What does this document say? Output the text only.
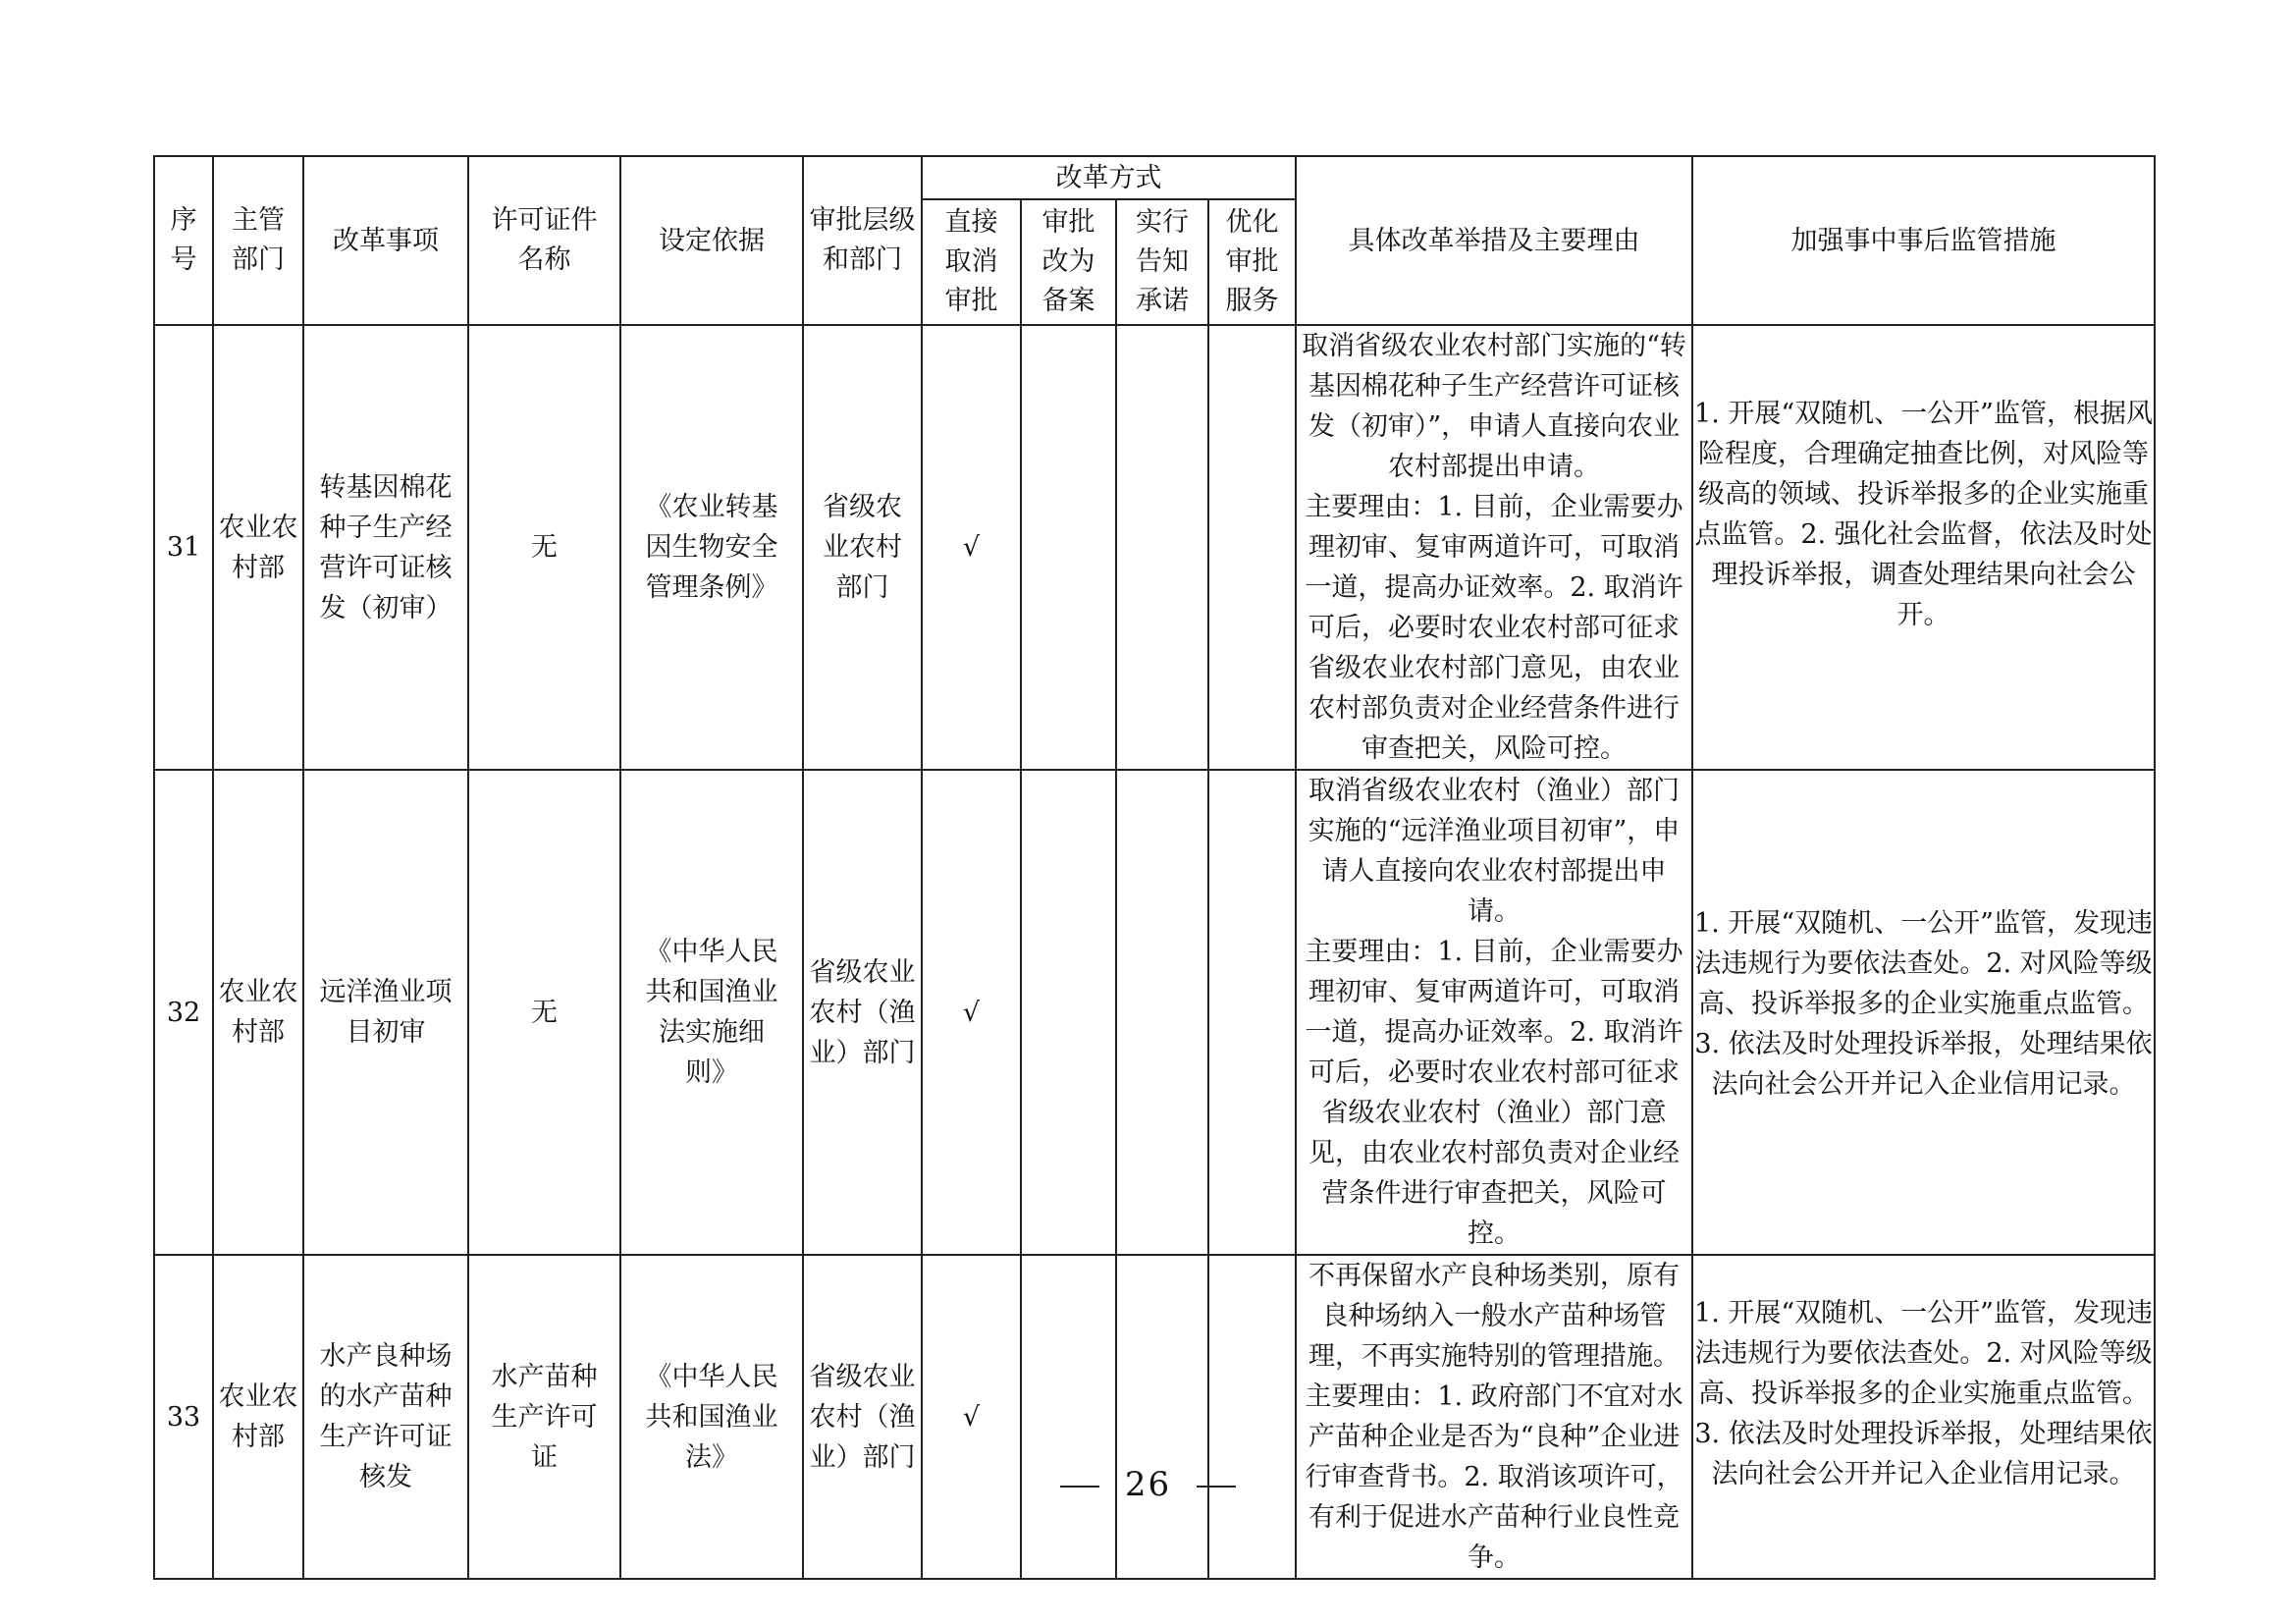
序号	主管部门	改革事项	许可证件名称	设定依据	审批层级和部门	改革方式				具体改革举措及主要理由	加强事中事后监管措施

						直接取消审批	审批改为备案	实行告知承诺	优化审批服务		

31	农业农村部	转基因棉花种子生产经营许可证核发（初审）	无	《农业转基因生物安全管理条例》	省级农业农村部门	√				取消省级农业农村部门实施的“转基因棉花种子生产经营许可证核发（初审）”，申请人直接向农业农村部提出申请。
主要理由：1. 目前，企业需要办理初审、复审两道许可，可取消一道，提高办证效率。2. 取消许可后，必要时农业农村部可征求省级农业农村部门意见，由农业农村部负责对企业经营条件进行审查把关，风险可控。	1. 开展“双随机、一公开”监管，根据风险程度，合理确定抽查比例，对风险等级高的领域、投诉举报多的企业实施重点监管。2. 强化社会监督，依法及时处理投诉举报，调查处理结果向社会公开。

32	农业农村部	远洋渔业项目初审	无	《中华人民共和国渔业法实施细则》	省级农业农村（渔业）部门	√				取消省级农业农村（渔业）部门实施的“远洋渔业项目初审”，申请人直接向农业农村部提出申请。
主要理由：1. 目前，企业需要办理初审、复审两道许可，可取消一道，提高办证效率。2. 取消许可后，必要时农业农村部可征求省级农业农村（渔业）部门意见，由农业农村部负责对企业经营条件进行审查把关，风险可控。	1. 开展“双随机、一公开”监管，发现违法违规行为要依法查处。2. 对风险等级高、投诉举报多的企业实施重点监管。3. 依法及时处理投诉举报，处理结果依法向社会公开并记入企业信用记录。

33	农业农村部	水产良种场的水产苗种生产许可证核发	水产苗种生产许可证	《中华人民共和国渔业法》	省级农业农村（渔业）部门	√				不再保留水产良种场类别，原有良种场纳入一般水产苗种场管理，不再实施特别的管理措施。
主要理由：1. 政府部门不宜对水产苗种企业是否为“良种”企业进行审查背书。2. 取消该项许可，有利于促进水产苗种行业良性竞争。	1. 开展“双随机、一公开”监管，发现违法违规行为要依法查处。2. 对风险等级高、投诉举报多的企业实施重点监管。3. 依法及时处理投诉举报，处理结果依法向社会公开并记入企业信用记录。
26
